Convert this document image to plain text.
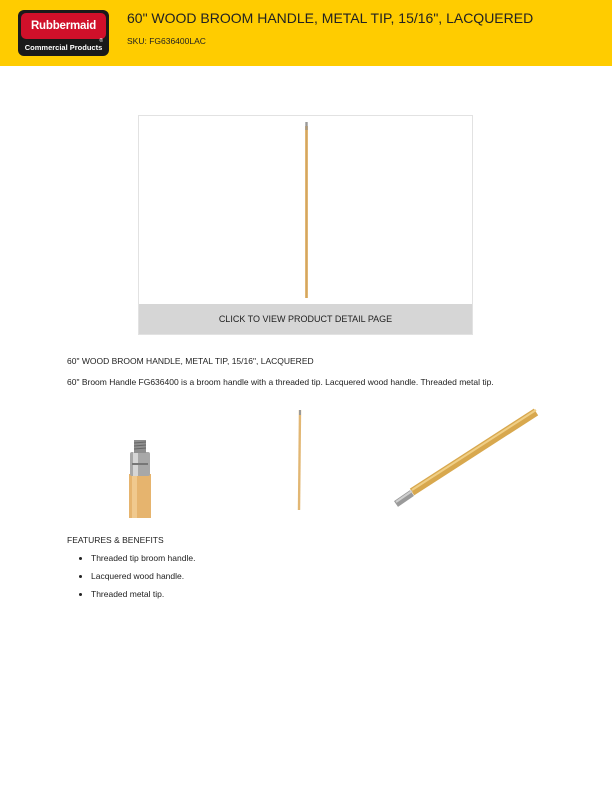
Rubbermaid
®
Commercial Products
60" WOOD BROOM HANDLE, METAL TIP, 15/16", LACQUERED
SKU: FG636400LAC
CLICK TO VIEW PRODUCT DETAIL PAGE
60" WOOD BROOM HANDLE, METAL TIP, 15/16", LACQUERED
60" Broom Handle FG636400 is a broom handle with a threaded tip. Lacquered wood handle. Threaded metal tip.
FEATURES & BENEFITS
• Threaded tip broom handle.
• Lacquered wood handle.
• Threaded metal tip.
